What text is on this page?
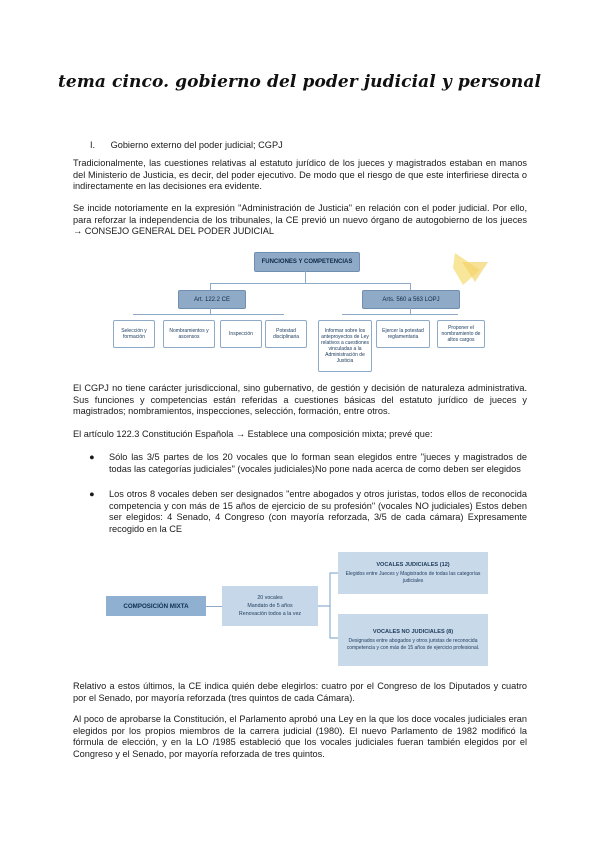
tema cinco. gobierno del poder judicial y personal
I. Gobierno externo del poder judicial; CGPJ
Tradicionalmente, las cuestiones relativas al estatuto jurídico de los jueces y magistrados estaban en manos del Ministerio de Justicia, es decir, del poder ejecutivo. De modo que el riesgo de que este interfiriese directa o indirectamente en las decisiones era evidente.
Se incide notoriamente en la expresión "Administración de Justicia" en relación con el poder judicial. Por ello, para reforzar la independencia de los tribunales, la CE previó un nuevo órgano de autogobierno de los jueces → CONSEJO GENERAL DEL PODER JUDICIAL
FUNCIONES Y COMPETENCIAS
Art. 122.2 CE	Arts. 560 a 563 LOPJ
Selección y formación
Nombramientos y ascensos	Inspección	Potestad disciplinaria
Informar sobre los anteproyectos de Ley relativos a cuestiones vinculadas a la Administración de Justicia
Ejercer la potestad reglamentaria
Proponer el nombramiento de altos cargos
El CGPJ no tiene carácter jurisdiccional, sino gubernativo, de gestión y decisión de naturaleza administrativa. Sus funciones y competencias están referidas a cuestiones básicas del estatuto jurídico de jueces y magistrados; nombramientos, inspecciones, selección, formación, entre otros.
El artículo 122.3 Constitución Española → Establece una composición mixta; prevé que:
● Sólo las 3/5 partes de los 20 vocales que lo forman sean elegidos entre "jueces y magistrados de todas las categorías judiciales" (vocales judiciales)No pone nada acerca de como deben ser elegidos
● Los otros 8 vocales deben ser designados "entre abogados y otros juristas, todos ellos de reconocida competencia y con más de 15 años de ejercicio de su profesión" (vocales NO judiciales) Estos deben ser elegidos: 4 Senado, 4 Congreso (con mayoría reforzada, 3/5 de cada cámara) Expresamente recogido en la CE
COMPOSICIÓN MIXTA
20 vocales
Mandato de 5 años
Renovación todos a la vez
VOCALES JUDICIALES (12)
Elegidos entre Jueces y Magistrados de todas las categorías judiciales
VOCALES NO JUDICIALES (8)
Designados entre abogados y otros juristas de reconocida competencia y con más de 15 años de ejercicio profesional.
Relativo a estos últimos, la CE indica quién debe elegirlos: cuatro por el Congreso de los Diputados y cuatro por el Senado, por mayoría reforzada (tres quintos de cada Cámara).
Al poco de aprobarse la Constitución, el Parlamento aprobó una Ley en la que los doce vocales judiciales eran elegidos por los propios miembros de la carrera judicial (1980). El nuevo Parlamento de 1982 modificó la fórmula de elección, y en la LO /1985 estableció que los vocales judiciales fueran también elegidos por el Congreso y el Senado, por mayoría reforzada de tres quintos.
